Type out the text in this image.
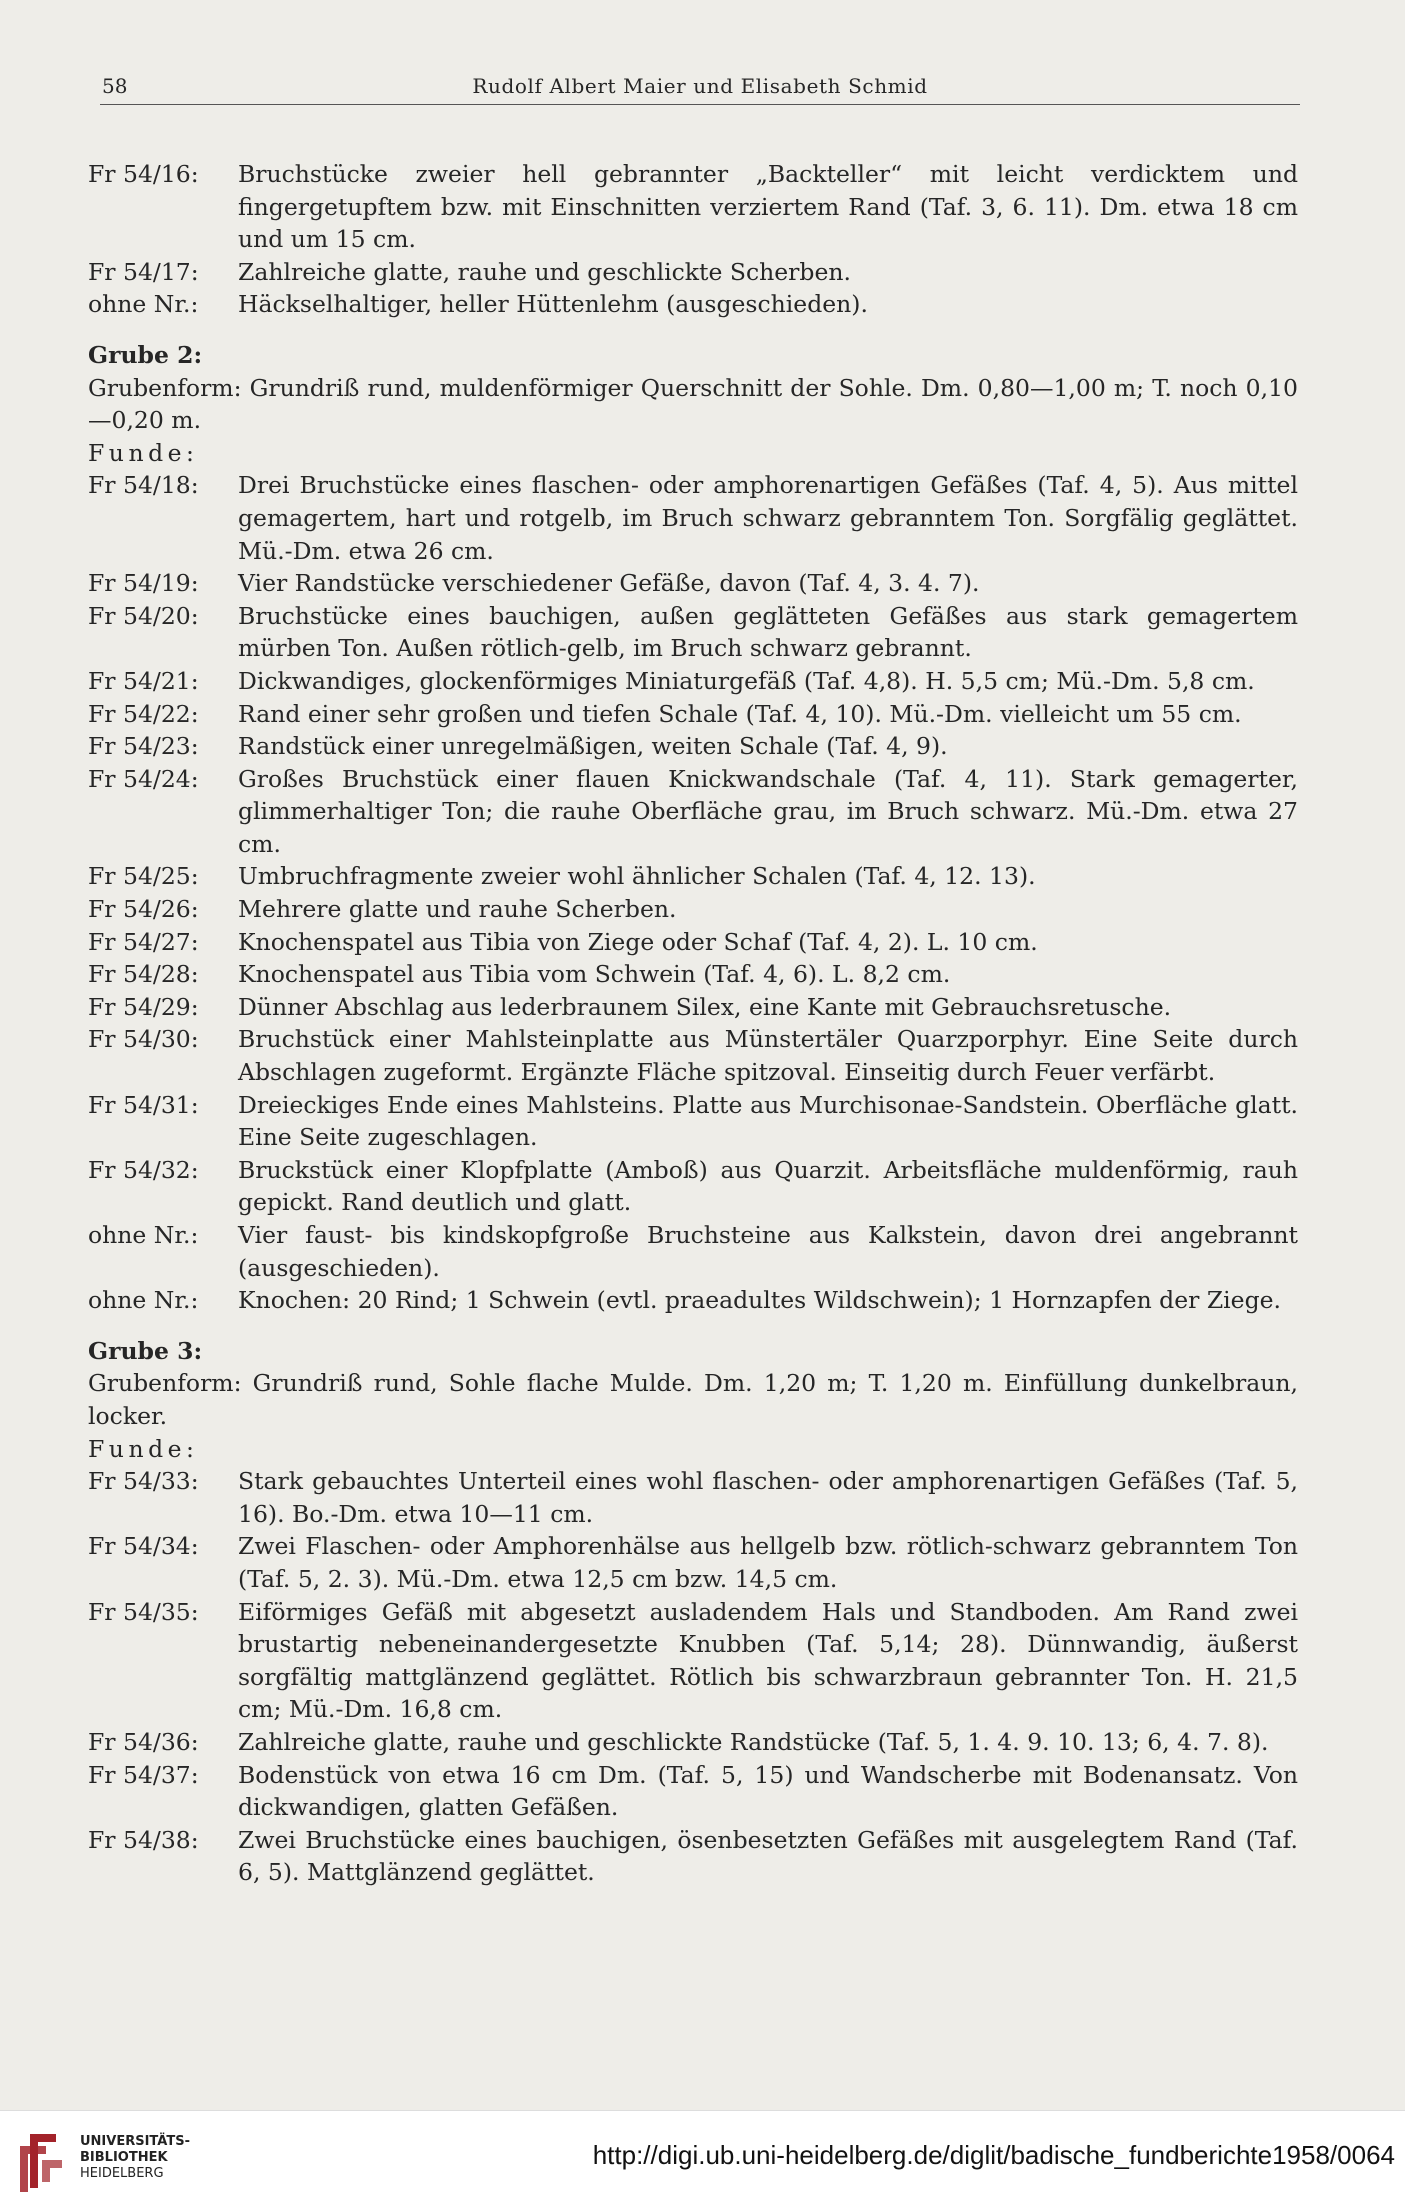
58	Rudolf Albert Maier und Elisabeth Schmid
Fr 54/16:	Bruchstücke zweier hell gebrannter „Backteller“ mit leicht verdicktem und fingergetupftem bzw. mit Einschnitten verziertem Rand (Taf. 3, 6. 11). Dm. etwa 18 cm und um 15 cm.
Fr 54/17:	Zahlreiche glatte, rauhe und geschlickte Scherben.
ohne Nr.:	Häckselhaltiger, heller Hüttenlehm (ausgeschieden).
Grube 2:
Grubenform: Grundriß rund, muldenförmiger Querschnitt der Sohle. Dm. 0,80—1,00 m; T. noch 0,10—0,20 m.
Funde:
Fr 54/18:	Drei Bruchstücke eines flaschen- oder amphorenartigen Gefäßes (Taf. 4, 5). Aus mittel gemagertem, hart und rotgelb, im Bruch schwarz gebranntem Ton. Sorgfälig geglättet. Mü.-Dm. etwa 26 cm.
Fr 54/19:	Vier Randstücke verschiedener Gefäße, davon (Taf. 4, 3. 4. 7).
Fr 54/20:	Bruchstücke eines bauchigen, außen geglätteten Gefäßes aus stark gemagertem mürben Ton. Außen rötlich-gelb, im Bruch schwarz gebrannt.
Fr 54/21:	Dickwandiges, glockenförmiges Miniaturgefäß (Taf. 4,8). H. 5,5 cm; Mü.-Dm. 5,8 cm.
Fr 54/22:	Rand einer sehr großen und tiefen Schale (Taf. 4, 10). Mü.-Dm. vielleicht um 55 cm.
Fr 54/23:	Randstück einer unregelmäßigen, weiten Schale (Taf. 4, 9).
Fr 54/24:	Großes Bruchstück einer flauen Knickwandschale (Taf. 4, 11). Stark gemagerter, glimmerhaltiger Ton; die rauhe Oberfläche grau, im Bruch schwarz. Mü.-Dm. etwa 27 cm.
Fr 54/25:	Umbruchfragmente zweier wohl ähnlicher Schalen (Taf. 4, 12. 13).
Fr 54/26:	Mehrere glatte und rauhe Scherben.
Fr 54/27:	Knochenspatel aus Tibia von Ziege oder Schaf (Taf. 4, 2). L. 10 cm.
Fr 54/28:	Knochenspatel aus Tibia vom Schwein (Taf. 4, 6). L. 8,2 cm.
Fr 54/29:	Dünner Abschlag aus lederbraunem Silex, eine Kante mit Gebrauchsretusche.
Fr 54/30:	Bruchstück einer Mahlsteinplatte aus Münstertäler Quarzporphyr. Eine Seite durch Abschlagen zugeformt. Ergänzte Fläche spitzoval. Einseitig durch Feuer verfärbt.
Fr 54/31:	Dreieckiges Ende eines Mahlsteins. Platte aus Murchisonae-Sandstein. Oberfläche glatt. Eine Seite zugeschlagen.
Fr 54/32:	Bruckstück einer Klopfplatte (Amboß) aus Quarzit. Arbeitsfläche muldenförmig, rauh gepickt. Rand deutlich und glatt.
ohne Nr.:	Vier faust- bis kindskopfgroße Bruchsteine aus Kalkstein, davon drei angebrannt (ausgeschieden).
ohne Nr.:	Knochen: 20 Rind; 1 Schwein (evtl. praeadultes Wildschwein); 1 Hornzapfen der Ziege.
Grube 3:
Grubenform: Grundriß rund, Sohle flache Mulde. Dm. 1,20 m; T. 1,20 m. Einfüllung dunkelbraun, locker.
Funde:
Fr 54/33:	Stark gebauchtes Unterteil eines wohl flaschen- oder amphorenartigen Gefäßes (Taf. 5, 16). Bo.-Dm. etwa 10—11 cm.
Fr 54/34:	Zwei Flaschen- oder Amphorenhälse aus hellgelb bzw. rötlich-schwarz gebranntem Ton (Taf. 5, 2. 3). Mü.-Dm. etwa 12,5 cm bzw. 14,5 cm.
Fr 54/35:	Eiförmiges Gefäß mit abgesetzt ausladendem Hals und Standboden. Am Rand zwei brustartig nebeneinandergesetzte Knubben (Taf. 5,14; 28). Dünnwandig, äußerst sorgfältig mattglänzend geglättet. Rötlich bis schwarzbraun gebrannter Ton. H. 21,5 cm; Mü.-Dm. 16,8 cm.
Fr 54/36:	Zahlreiche glatte, rauhe und geschlickte Randstücke (Taf. 5, 1. 4. 9. 10. 13; 6, 4. 7. 8).
Fr 54/37:	Bodenstück von etwa 16 cm Dm. (Taf. 5, 15) und Wandscherbe mit Bodenansatz. Von dickwandigen, glatten Gefäßen.
Fr 54/38:	Zwei Bruchstücke eines bauchigen, ösenbesetzten Gefäßes mit ausgelegtem Rand (Taf. 6, 5). Mattglänzend geglättet.
UNIVERSITÄTS-
BIBLIOTHEK
HEIDELBERG
http://digi.ub.uni-heidelberg.de/diglit/badische_fundberichte1958/0064
